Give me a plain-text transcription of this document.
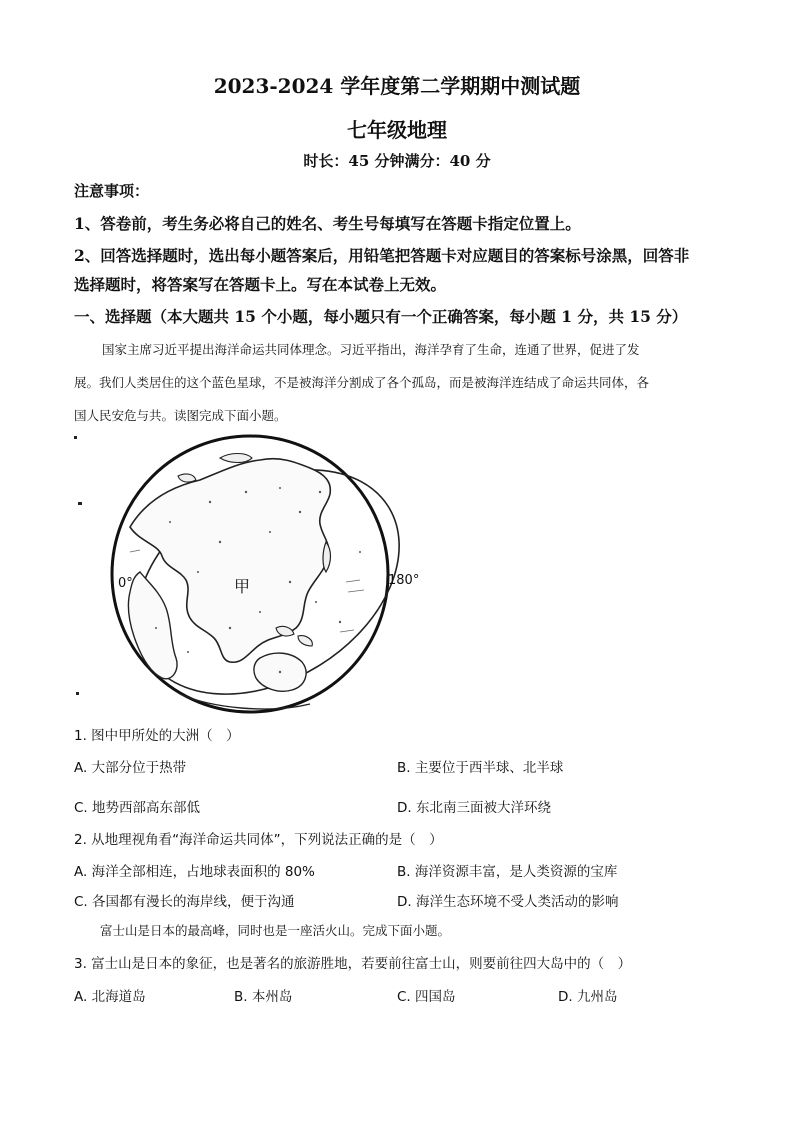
2023-2024 学年度第二学期期中测试题
七年级地理
时长：45 分钟满分：40 分
注意事项：
1、答卷前，考生务必将自己的姓名、考生号每填写在答题卡指定位置上。
2、回答选择题时，选出每小题答案后，用铅笔把答题卡对应题目的答案标号涂黑，回答非
选择题时，将答案写在答题卡上。写在本试卷上无效。
一、选择题（本大题共 15 个小题，每小题只有一个正确答案，每小题 1 分，共 15 分）
国家主席习近平提出海洋命运共同体理念。习近平指出，海洋孕育了生命，连通了世界，促进了发
展。我们人类居住的这个蓝色星球，不是被海洋分割成了各个孤岛，而是被海洋连结成了命运共同体，各
国人民安危与共。读图完成下面小题。
甲
0°	180°
1. 图中甲所处的大洲（　）
A. 大部分位于热带	B. 主要位于西半球、北半球
C. 地势西部高东部低	D. 东北南三面被大洋环绕
2. 从地理视角看“海洋命运共同体”，下列说法正确的是（　）
A. 海洋全部相连，占地球表面积的 80%	B. 海洋资源丰富，是人类资源的宝库
C. 各国都有漫长的海岸线，便于沟通	D. 海洋生态环境不受人类活动的影响
富士山是日本的最高峰，同时也是一座活火山。完成下面小题。
3. 富士山是日本的象征，也是著名的旅游胜地，若要前往富士山，则要前往四大岛中的（　）
A. 北海道岛	B. 本州岛	C. 四国岛	D. 九州岛
